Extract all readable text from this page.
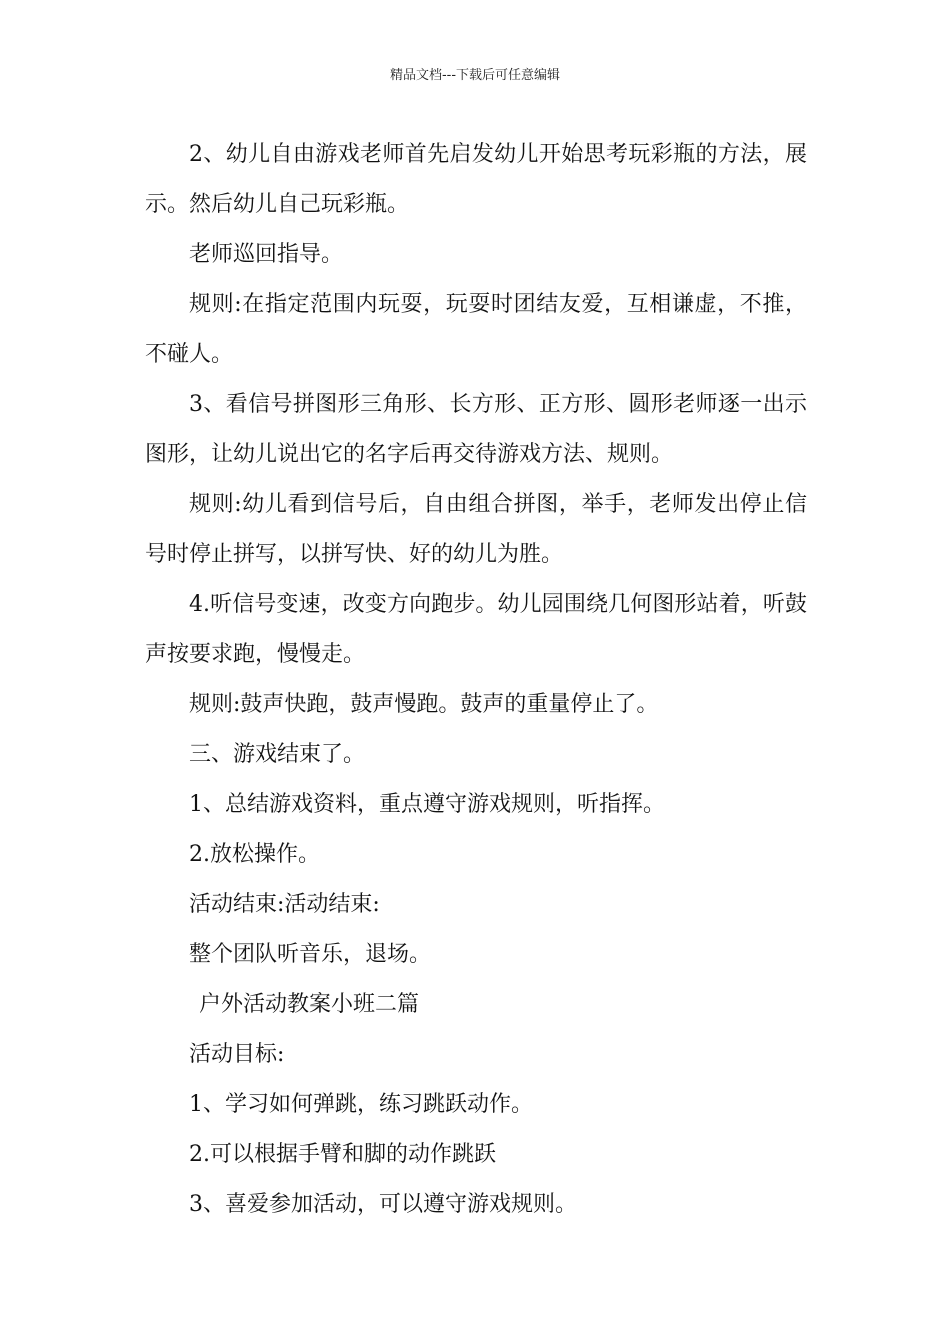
精品文档---下载后可任意编辑

2、幼儿自由游戏老师首先启发幼儿开始思考玩彩瓶的方法，展示。然后幼儿自己玩彩瓶。

老师巡回指导。

规则:在指定范围内玩耍，玩耍时团结友爱，互相谦虚，不推，不碰人。

3、看信号拼图形三角形、长方形、正方形、圆形老师逐一出示图形，让幼儿说出它的名字后再交待游戏方法、规则。

规则:幼儿看到信号后，自由组合拼图，举手，老师发出停止信号时停止拼写，以拼写快、好的幼儿为胜。

4.听信号变速，改变方向跑步。幼儿园围绕几何图形站着，听鼓声按要求跑，慢慢走。

规则:鼓声快跑，鼓声慢跑。鼓声的重量停止了。

三、游戏结束了。

1、总结游戏资料，重点遵守游戏规则，听指挥。

2.放松操作。

活动结束:活动结束:

整个团队听音乐，退场。

户外活动教案小班二篇

活动目标:

1、学习如何弹跳，练习跳跃动作。

2.可以根据手臂和脚的动作跳跃

3、喜爱参加活动，可以遵守游戏规则。
